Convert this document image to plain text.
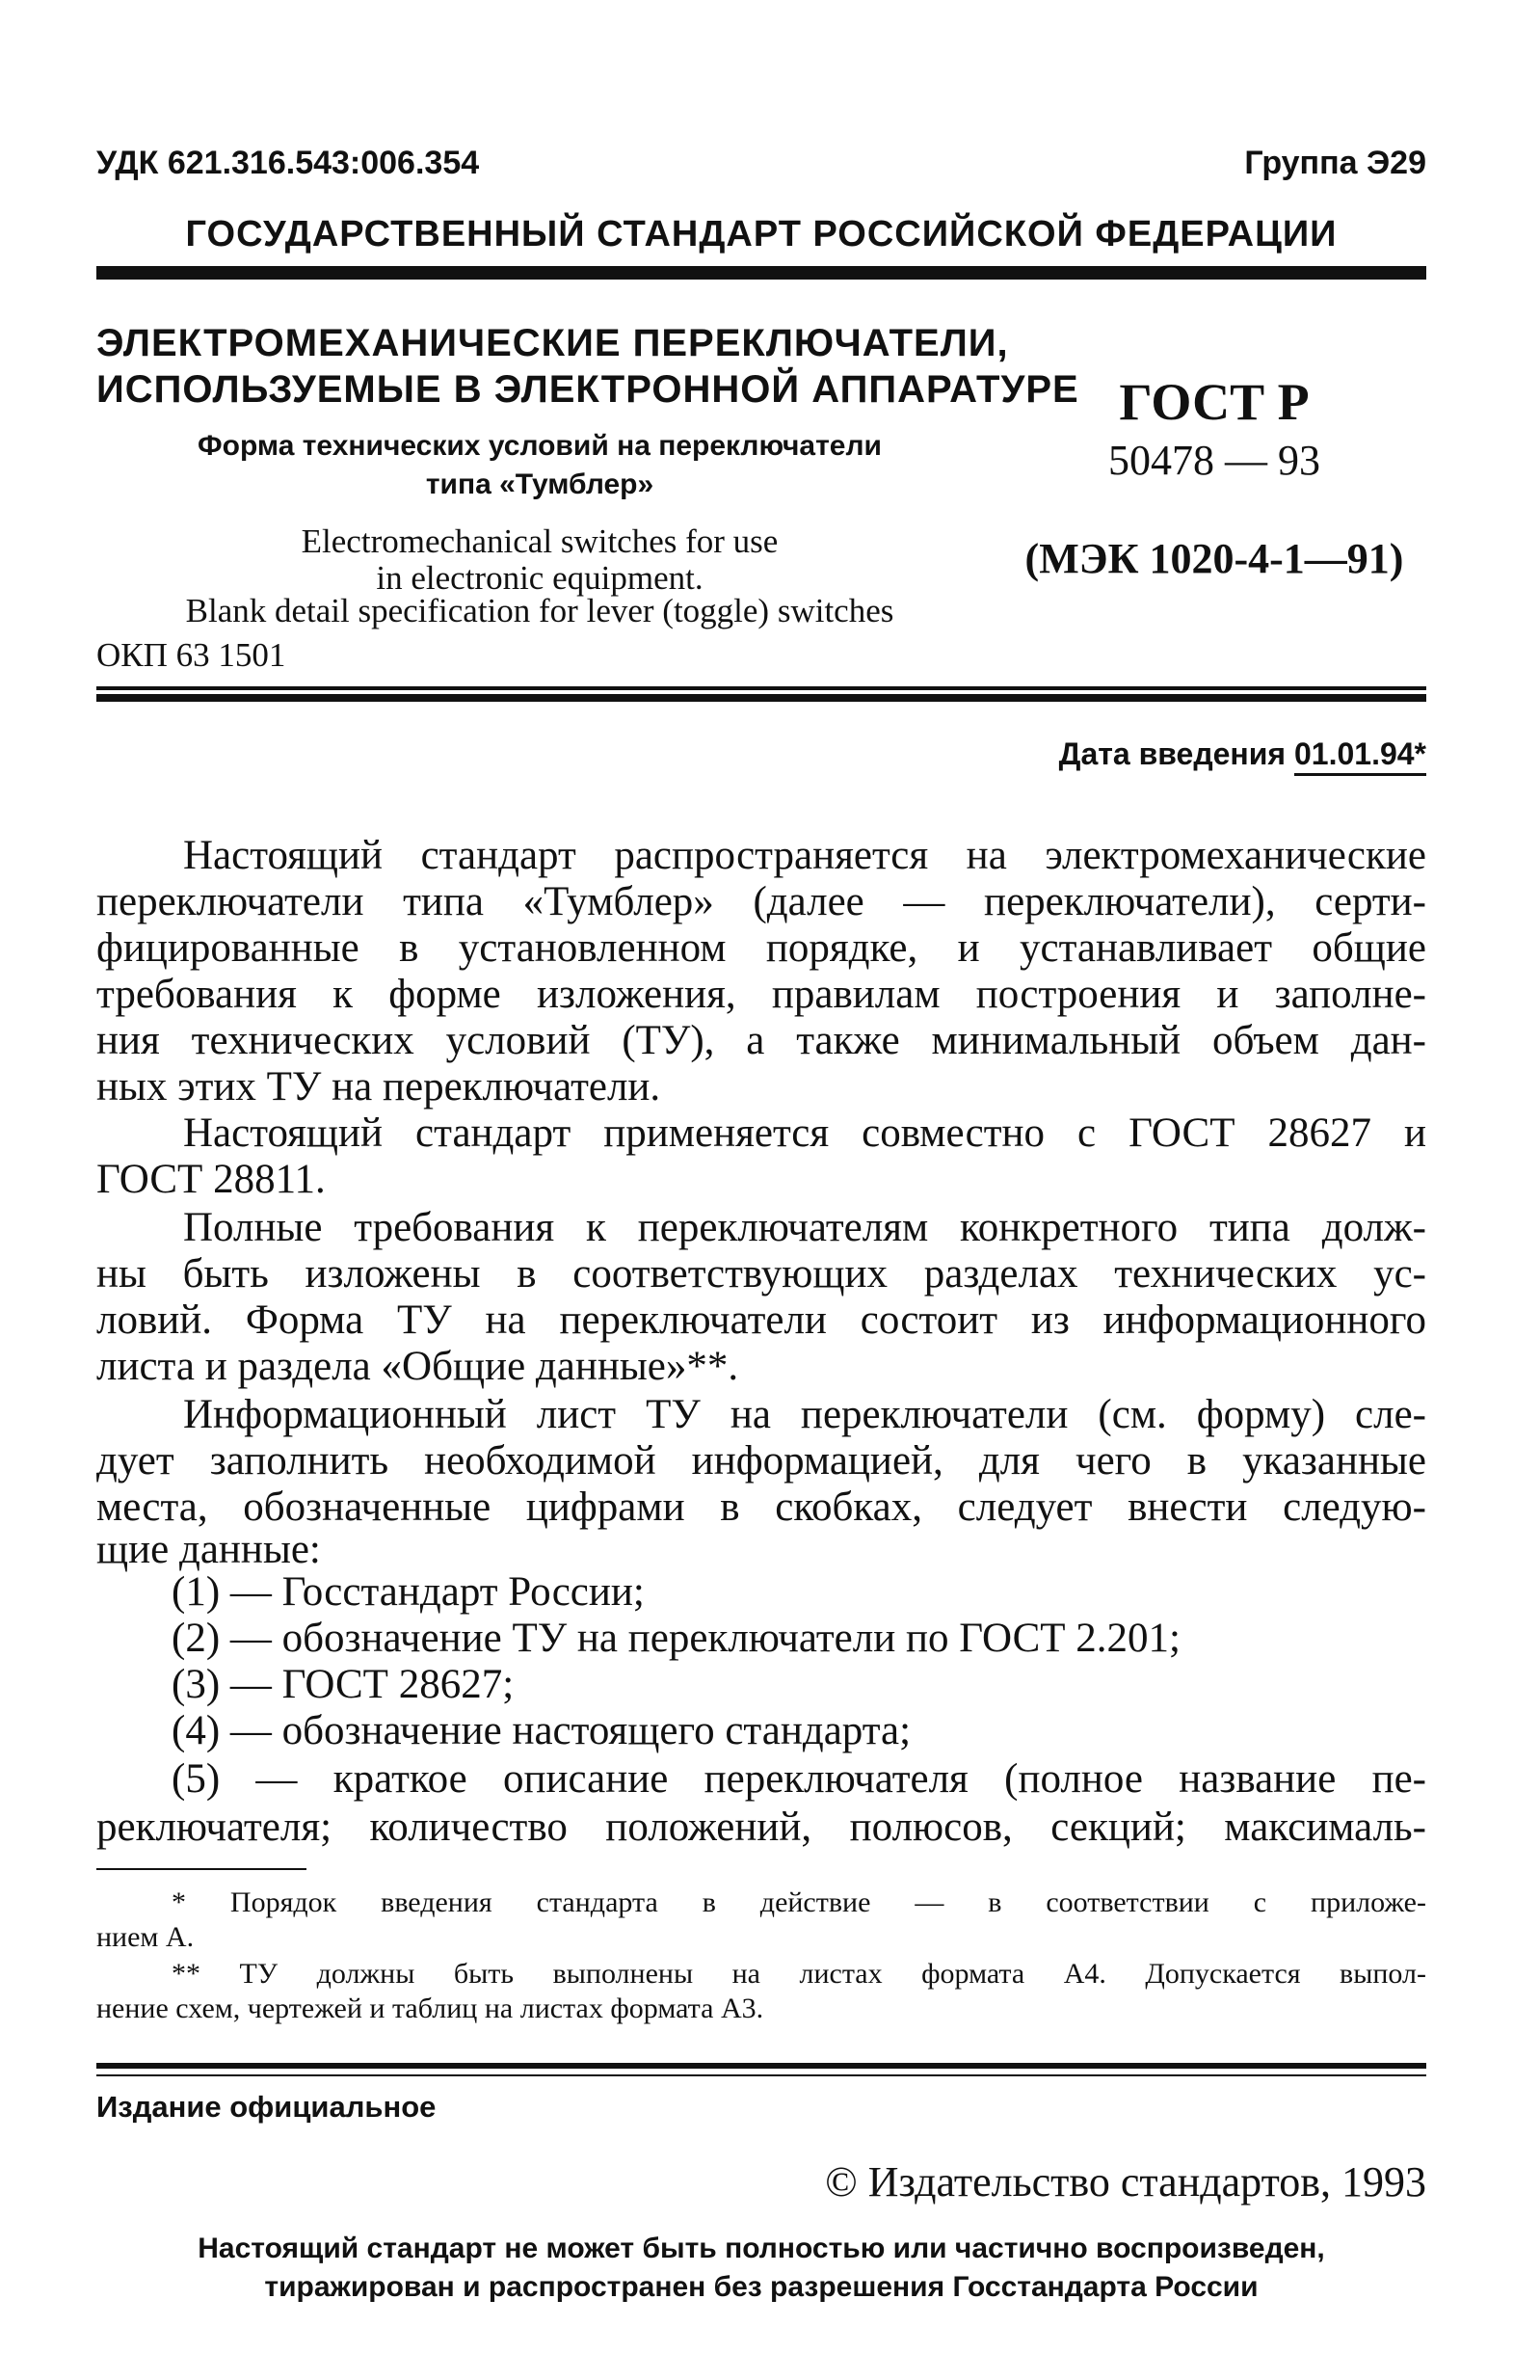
УДК 621.316.543:006.354	Группа Э29
ГОСУДАРСТВЕННЫЙ СТАНДАРТ РОССИЙСКОЙ ФЕДЕРАЦИИ
ЭЛЕКТРОМЕХАНИЧЕСКИЕ ПЕРЕКЛЮЧАТЕЛИ,
ИСПОЛЬЗУЕМЫЕ В ЭЛЕКТРОННОЙ АППАРАТУРЕ
Форма технических условий на переключатели
типа «Тумблер»
Electromechanical switches for use
in electronic equipment.
Blank detail specification for lever (toggle) switches
ОКП 63 1501
ГОСТ Р
50478 — 93
(МЭК 1020-4-1—91)
Дата введения 01.01.94*
Настоящий стандарт распространяется на электромеханические
переключатели типа «Тумблер» (далее — переключатели), серти-
фицированные в установленном порядке, и устанавливает общие
требования к форме изложения, правилам построения и заполне-
ния технических условий (ТУ), а также минимальный объем дан-
ных этих ТУ на переключатели.
Настоящий стандарт применяется совместно с ГОСТ 28627 и
ГОСТ 28811.
Полные требования к переключателям конкретного типа долж-
ны быть изложены в соответствующих разделах технических ус-
ловий. Форма ТУ на переключатели состоит из информационного
листа и раздела «Общие данные»**.
Информационный лист ТУ на переключатели (см. форму) сле-
дует заполнить необходимой информацией, для чего в указанные
места, обозначенные цифрами в скобках, следует внести следую-
щие данные:
(1) — Госстандарт России;
(2) — обозначение ТУ на переключатели по ГОСТ 2.201;
(3) — ГОСТ 28627;
(4) — обозначение настоящего стандарта;
(5) — краткое описание переключателя (полное название пе-
реключателя; количество положений, полюсов, секций; максималь-
* Порядок введения стандарта в действие — в соответствии с приложе-
нием А.
** ТУ должны быть выполнены на листах формата А4. Допускается выпол-
нение схем, чертежей и таблиц на листах формата А3.
Издание официальное
© Издательство стандартов, 1993
Настоящий стандарт не может быть полностью или частично воспроизведен,
тиражирован и распространен без разрешения Госстандарта России
